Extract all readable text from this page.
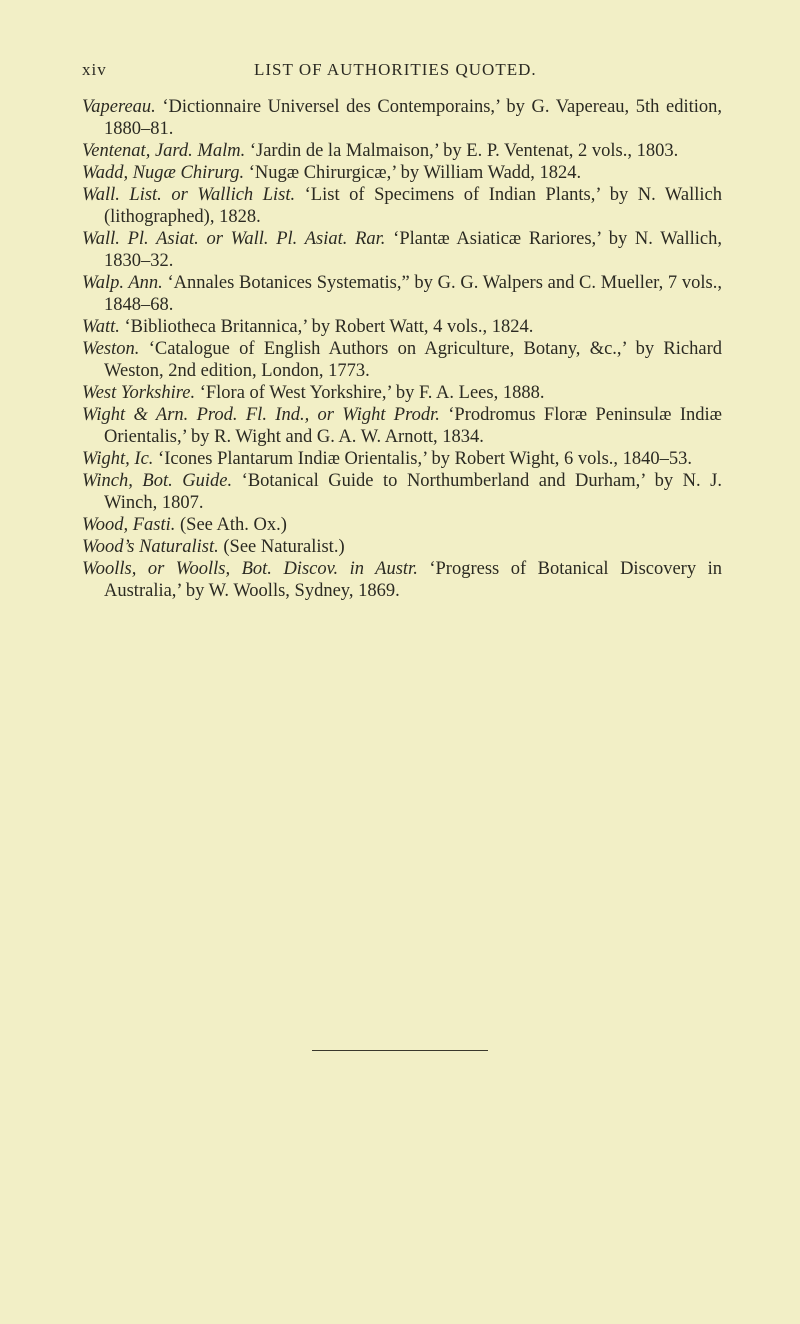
xiv	LIST OF AUTHORITIES QUOTED.

Vapereau. ‘Dictionnaire Universel des Contemporains,’ by G. Vapereau, 5th edition, 1880–81.

Ventenat, Jard. Malm. ‘Jardin de la Malmaison,’ by E. P. Ventenat, 2 vols., 1803.

Wadd, Nugæ Chirurg. ‘Nugæ Chirurgicæ,’ by William Wadd, 1824.

Wall. List. or Wallich List. ‘List of Specimens of Indian Plants,’ by N. Wallich (lithographed), 1828.

Wall. Pl. Asiat. or Wall. Pl. Asiat. Rar. ‘Plantæ Asiaticæ Rariores,’ by N. Wallich, 1830–32.

Walp. Ann. ‘Annales Botanices Systematis,” by G. G. Walpers and C. Mueller, 7 vols., 1848–68.

Watt. ‘Bibliotheca Britannica,’ by Robert Watt, 4 vols., 1824.

Weston. ‘Catalogue of English Authors on Agriculture, Botany, &c.,’ by Richard Weston, 2nd edition, London, 1773.

West Yorkshire. ‘Flora of West Yorkshire,’ by F. A. Lees, 1888.

Wight & Arn. Prod. Fl. Ind., or Wight Prodr. ‘Prodromus Floræ Peninsulæ Indiæ Orientalis,’ by R. Wight and G. A. W. Arnott, 1834.

Wight, Ic. ‘Icones Plantarum Indiæ Orientalis,’ by Robert Wight, 6 vols., 1840–53.

Winch, Bot. Guide. ‘Botanical Guide to Northumberland and Durham,’ by N. J. Winch, 1807.

Wood, Fasti. (See Ath. Ox.)

Wood’s Naturalist. (See Naturalist.)

Woolls, or Woolls, Bot. Discov. in Austr. ‘Progress of Botanical Discovery in Australia,’ by W. Woolls, Sydney, 1869.
